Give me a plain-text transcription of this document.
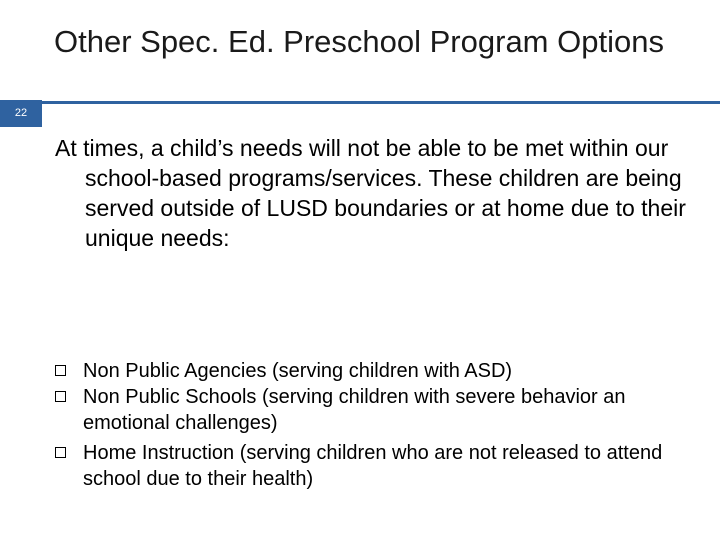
Other Spec. Ed. Preschool Program Options
22
At times, a child’s needs will not be able to be met within our school-based programs/services. These children are being served outside of LUSD boundaries or at home due to their unique needs:
Non Public Agencies (serving children with ASD)
Non Public Schools (serving children with severe behavior an emotional challenges)
Home Instruction (serving children who are not released to attend school due to their health)
